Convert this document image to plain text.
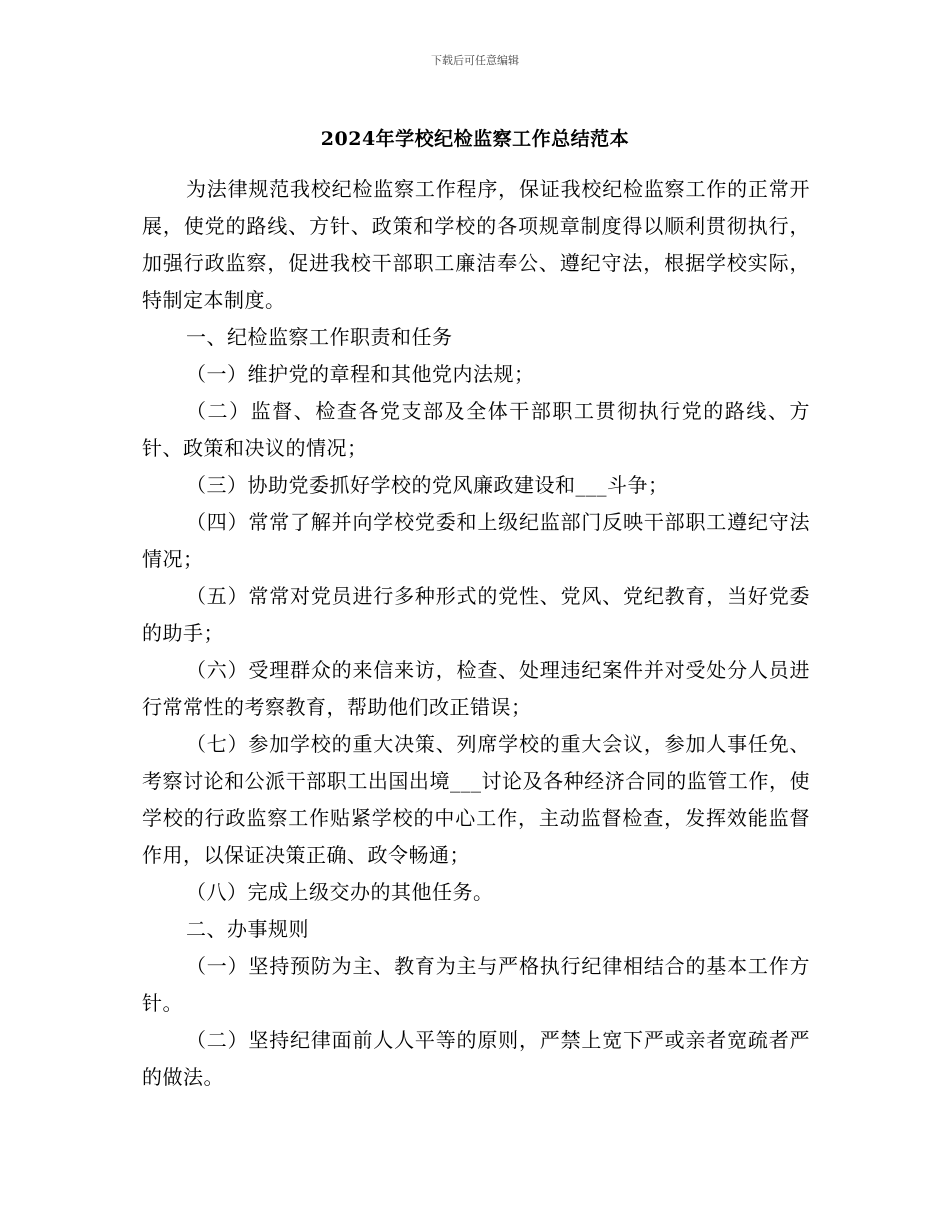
下载后可任意编辑
2024年学校纪检监察工作总结范本

为法律规范我校纪检监察工作程序，保证我校纪检监察工作的正常开展，使党的路线、方针、政策和学校的各项规章制度得以顺利贯彻执行，加强行政监察，促进我校干部职工廉洁奉公、遵纪守法，根据学校实际，特制定本制度。

一、纪检监察工作职责和任务

（一）维护党的章程和其他党内法规；

（二）监督、检查各党支部及全体干部职工贯彻执行党的路线、方针、政策和决议的情况；

（三）协助党委抓好学校的党风廉政建设和___斗争；

（四）常常了解并向学校党委和上级纪监部门反映干部职工遵纪守法情况；

（五）常常对党员进行多种形式的党性、党风、党纪教育，当好党委的助手；

（六）受理群众的来信来访，检查、处理违纪案件并对受处分人员进行常常性的考察教育，帮助他们改正错误；

（七）参加学校的重大决策、列席学校的重大会议，参加人事任免、考察讨论和公派干部职工出国出境___讨论及各种经济合同的监管工作，使学校的行政监察工作贴紧学校的中心工作，主动监督检查，发挥效能监督作用，以保证决策正确、政令畅通；

（八）完成上级交办的其他任务。

二、办事规则

（一）坚持预防为主、教育为主与严格执行纪律相结合的基本工作方针。

（二）坚持纪律面前人人平等的原则，严禁上宽下严或亲者宽疏者严的做法。
